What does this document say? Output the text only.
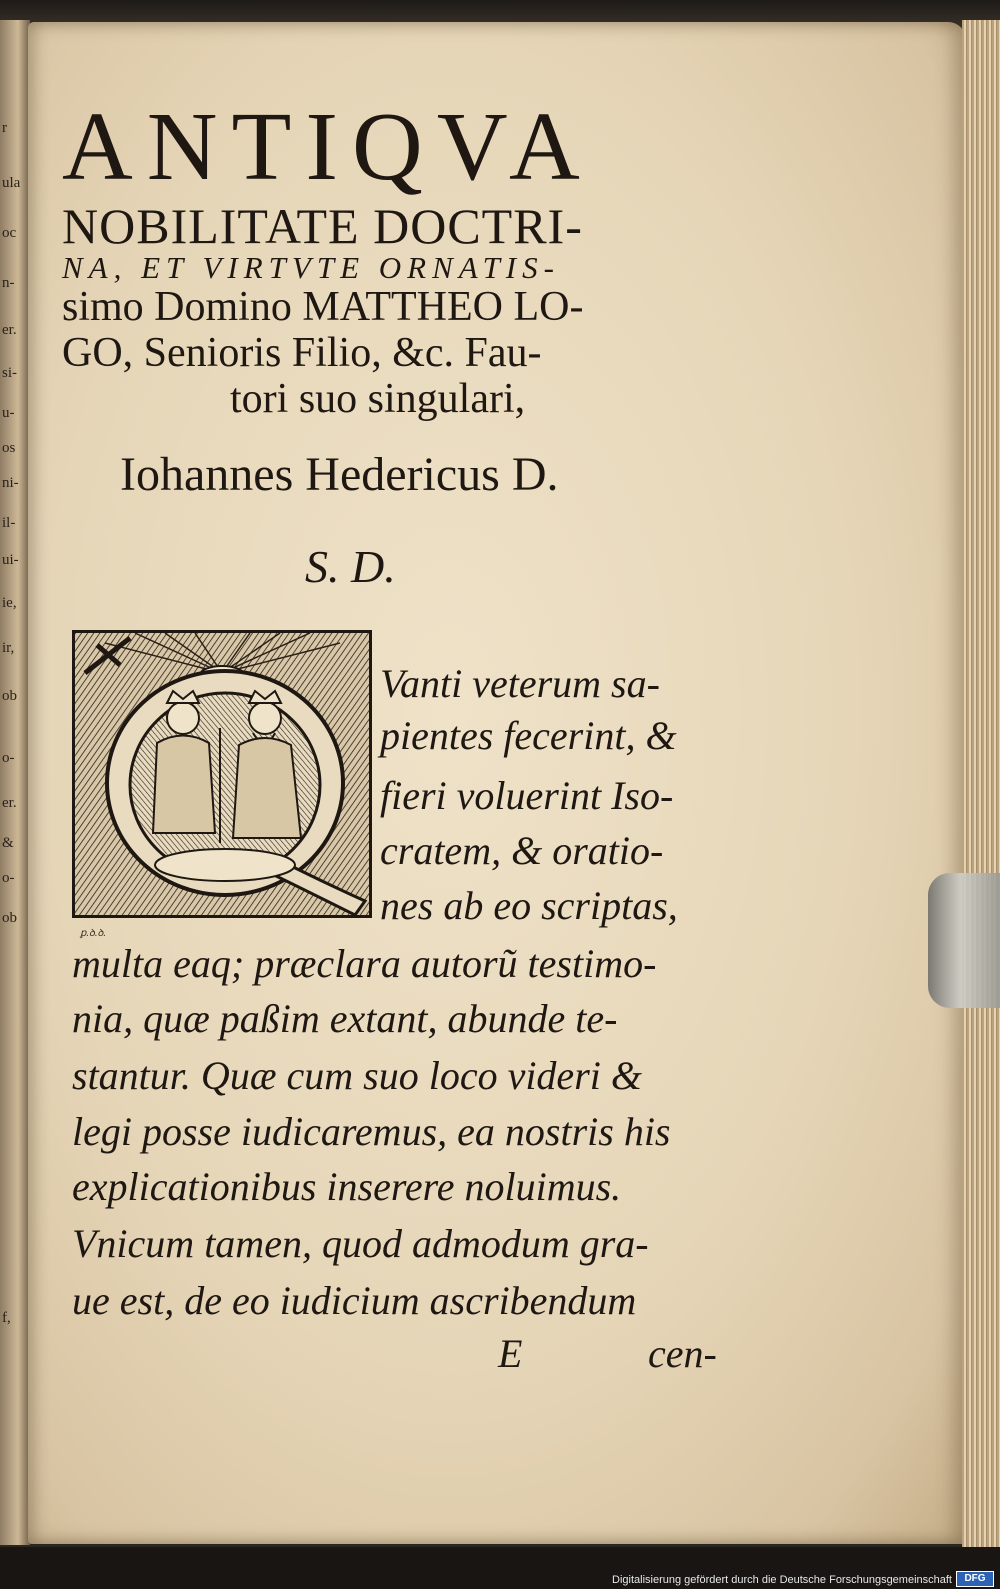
r
ula
oc
n-
er.
si-
u-
os
ni-
il-
ui-
ie,
ir,
ob
o-
er.
&
o-
ob
f,
ANTIQVA
NOBILITATE DOCTRI-
NA, ET VIRTVTE ORNATIS-
simo Domino MATTHEO LO-
GO, Senioris Filio, &c. Fau-
tori suo singulari,
Iohannes Hedericus D.
S. D.
ꝑ.ꝺ.ꝺ.
Vanti veterum sa-
pientes fecerint, &
fieri voluerint Iso-
cratem, & oratio-
nes ab eo scriptas,
multa eaq; præclara autorũ testimo-
nia, quæ paßim extant, abunde te-
stantur. Quæ cum suo loco videri &
legi posse iudicaremus, ea nostris his
explicationibus inserere noluimus.
Vnicum tamen, quod admodum gra-
ue est, de eo iudicium ascribendum
E	cen-
Digitalisierung gefördert durch die Deutsche Forschungsgemeinschaft	DFG
